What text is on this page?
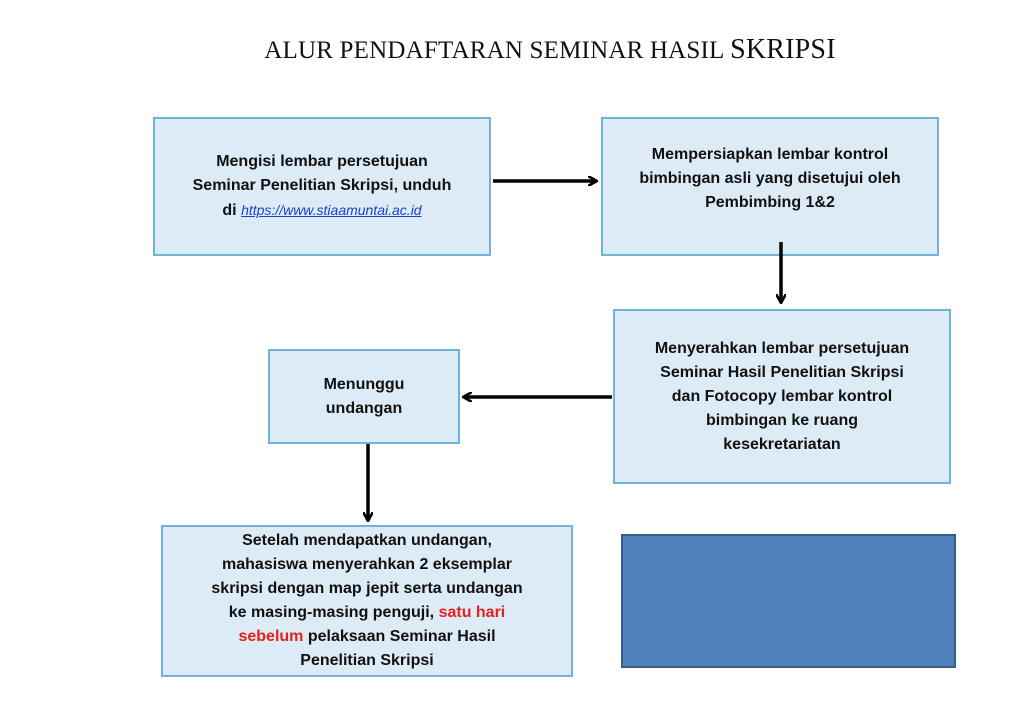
ALUR PENDAFTARAN SEMINAR HASIL SKRIPSI

Mengisi lembar persetujuan

Seminar Penelitian Skripsi, unduh

di https://www.stiaamuntai.ac.id

Mempersiapkan lembar kontrol

bimbingan asli yang disetujui oleh

Pembimbing 1&2

Menyerahkan lembar persetujuan

Seminar Hasil Penelitian Skripsi

dan Fotocopy lembar kontrol

bimbingan ke ruang

kesekretariatan

Menunggu

undangan

Setelah mendapatkan undangan,

mahasiswa menyerahkan 2 eksemplar

skripsi dengan map jepit serta undangan

ke masing-masing penguji, satu hari

sebelum pelaksaan Seminar Hasil

Penelitian Skripsi
